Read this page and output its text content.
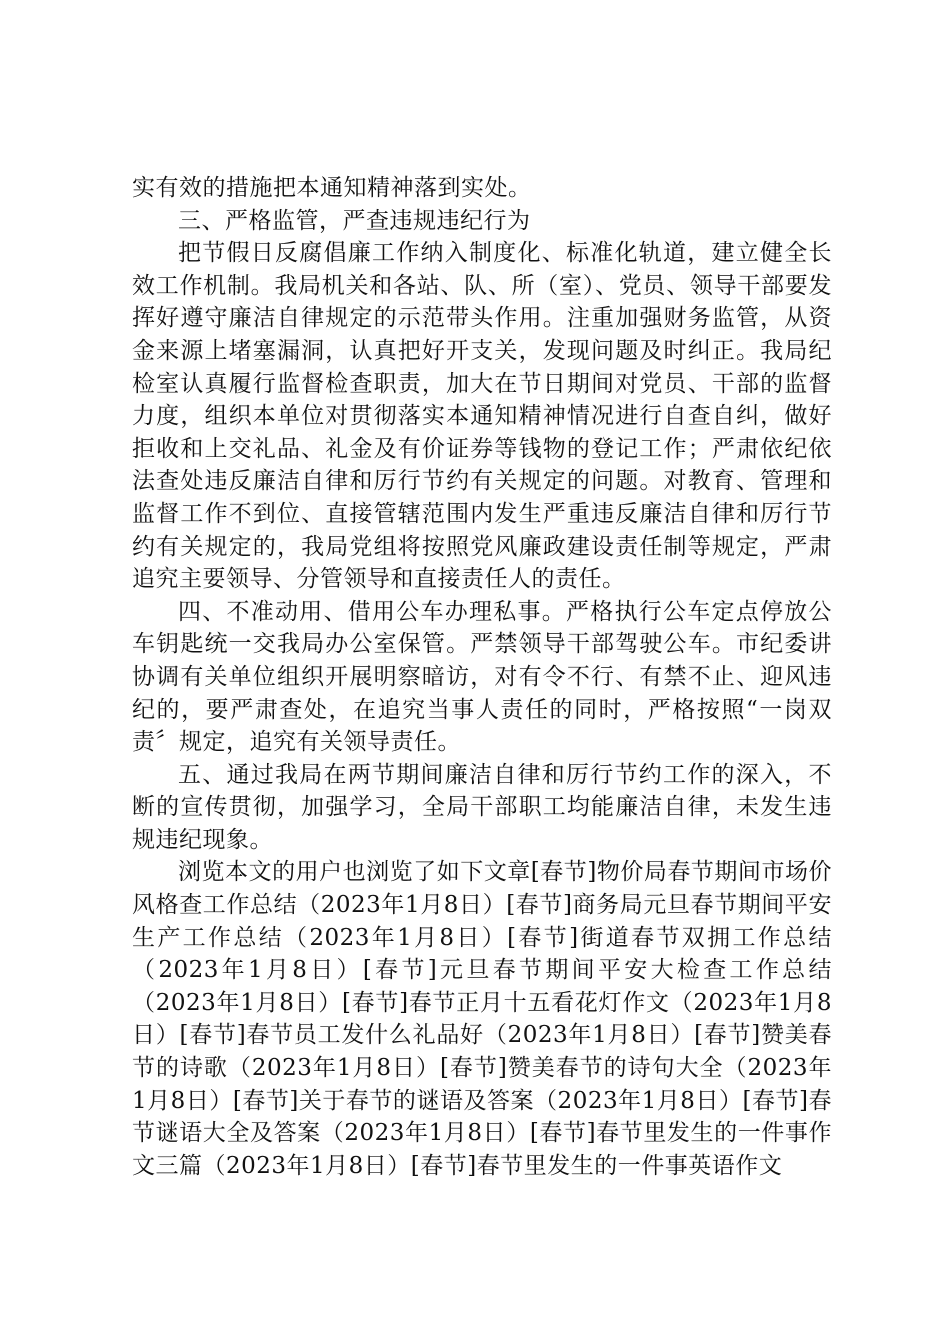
实有效的措施把本通知精神落到实处。

三、严格监管，严查违规违纪行为

把节假日反腐倡廉工作纳入制度化、标准化轨道，建立健全长效工作机制。我局机关和各站、队、所（室）、党员、领导干部要发挥好遵守廉洁自律规定的示范带头作用。注重加强财务监管，从资金来源上堵塞漏洞，认真把好开支关，发现问题及时纠正。我局纪检室认真履行监督检查职责，加大在节日期间对党员、干部的监督力度，组织本单位对贯彻落实本通知精神情况进行自查自纠，做好拒收和上交礼品、礼金及有价证券等钱物的登记工作；严肃依纪依法查处违反廉洁自律和厉行节约有关规定的问题。对教育、管理和监督工作不到位、直接管辖范围内发生严重违反廉洁自律和厉行节约有关规定的，我局党组将按照党风廉政建设责任制等规定，严肃追究主要领导、分管领导和直接责任人的责任。

四、不准动用、借用公车办理私事。严格执行公车定点停放公车钥匙统一交我局办公室保管。严禁领导干部驾驶公车。市纪委讲协调有关单位组织开展明察暗访，对有令不行、有禁不止、迎风违纪的，要严肃查处，在追究当事人责任的同时，严格按照“一岗双责〞规定，追究有关领导责任。

五、通过我局在两节期间廉洁自律和厉行节约工作的深入，不断的宣传贯彻，加强学习，全局干部职工均能廉洁自律，未发生违规违纪现象。

浏览本文的用户也浏览了如下文章[春节]物价局春节期间市场价风格查工作总结（2023年1月8日）[春节]商务局元旦春节期间平安生产工作总结（2023年1月8日）[春节]街道春节双拥工作总结（2023年1月8日）[春节]元旦春节期间平安大检查工作总结（2023年1月8日）[春节]春节正月十五看花灯作文（2023年1月8日）[春节]春节员工发什么礼品好（2023年1月8日）[春节]赞美春节的诗歌（2023年1月8日）[春节]赞美春节的诗句大全（2023年1月8日）[春节]关于春节的谜语及答案（2023年1月8日）[春节]春节谜语大全及答案（2023年1月8日）[春节]春节里发生的一件事作文三篇（2023年1月8日）[春节]春节里发生的一件事英语作文
